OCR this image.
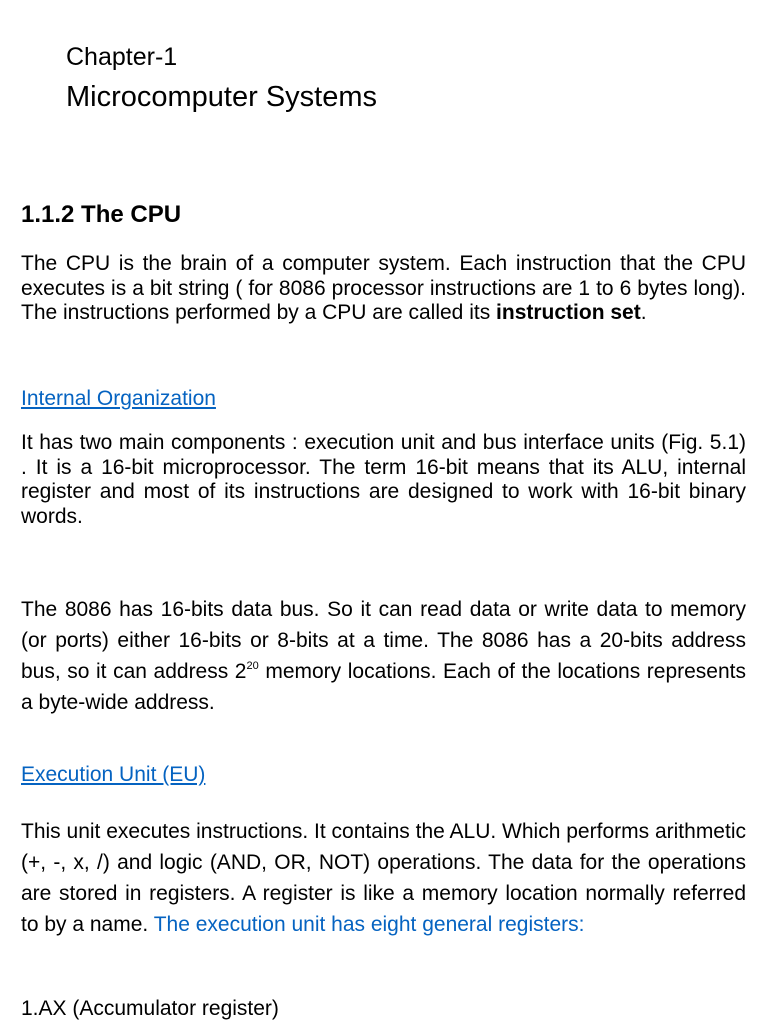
Chapter-1
Microcomputer Systems
1.1.2 The CPU

The CPU is the brain of a computer system. Each instruction that the CPU executes is a bit string ( for 8086 processor instructions are 1 to 6 bytes long). The instructions performed by a CPU are called its instruction set.

Internal Organization

It has two main components : execution unit and bus interface units (Fig. 5.1) . It is a 16-bit microprocessor. The term 16-bit means that its ALU, internal register and most of its instructions are designed to work with 16-bit binary words.

The 8086 has 16-bits data bus. So it can read data or write data to memory (or ports) either 16-bits or 8-bits at a time. The 8086 has a 20-bits address bus, so it can address $2^{20}$ memory locations. Each of the locations represents a byte-wide address.

Execution Unit (EU)

This unit executes instructions. It contains the ALU. Which performs arithmetic (+, -, x, /) and logic (AND, OR, NOT) operations. The data for the operations are stored in registers. A register is like a memory location normally referred to by a name. The execution unit has eight general registers:

1.AX (Accumulator register)
